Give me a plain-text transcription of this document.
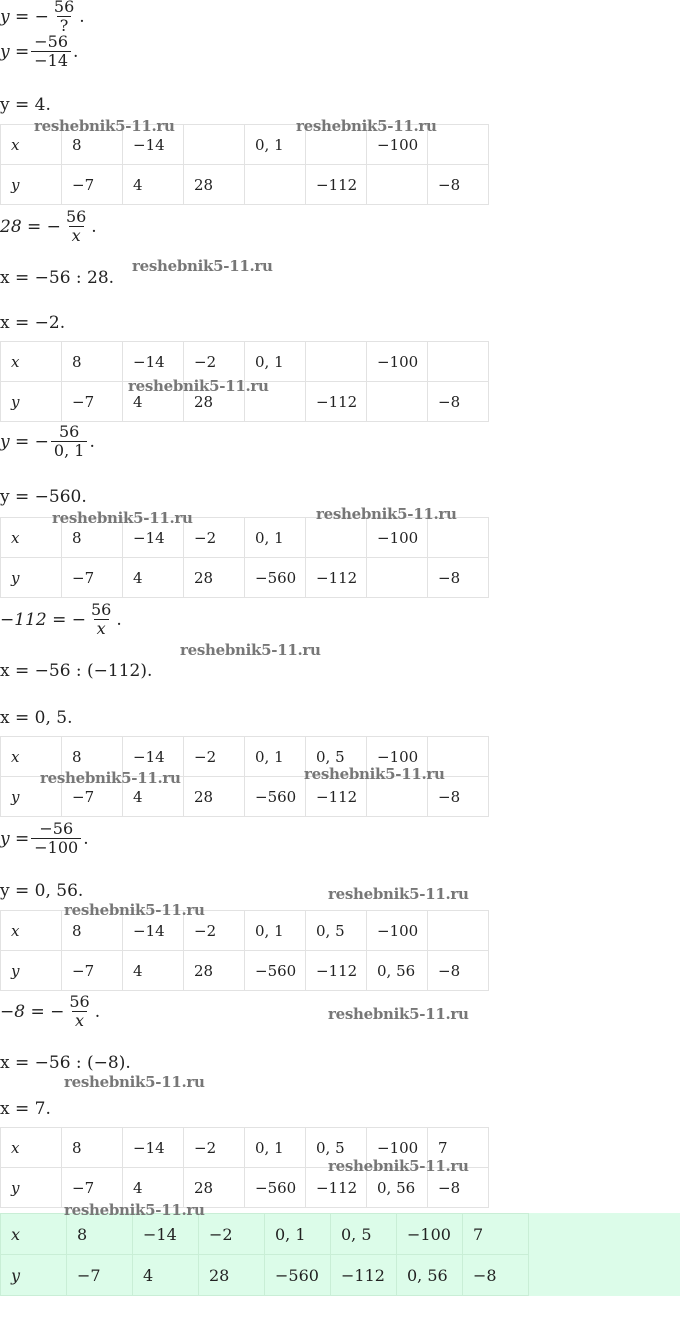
y = − $\frac{56}{?}$ .
$y = \frac{-56}{-14}$ .
y = 4.
x	8	−14		0, 1		−100	
y	−7	4	28		−112		−8
28 = − $\frac{56}{x}$ .
x = −56 : 28.
x = −2.
x	8	−14	−2	0, 1		−100	
y	−7	4	28		−112		−8
y = − $\frac{56}{0, 1}$ .
y = −560.
x	8	−14	−2	0, 1		−100	
y	−7	4	28	−560	−112		−8
−112 = − $\frac{56}{x}$ .
x = −56 : (−112).
x = 0, 5.
x	8	−14	−2	0, 1	0, 5	−100	
y	−7	4	28	−560	−112		−8
$y = \frac{-56}{-100}$ .
y = 0, 56.
x	8	−14	−2	0, 1	0, 5	−100	
y	−7	4	28	−560	−112	0, 56	−8
−8 = − $\frac{56}{x}$ .
x = −56 : (−8).
x = 7.
x	8	−14	−2	0, 1	0, 5	−100	7
y	−7	4	28	−560	−112	0, 56	−8
x	8	−14	−2	0, 1	0, 5	−100	7	
y	−7	4	28	−560	−112	0, 56	−8	
reshebnik5-11.ru	reshebnik5-11.ru
reshebnik5-11.ru
reshebnik5-11.ru
reshebnik5-11.ru	reshebnik5-11.ru
reshebnik5-11.ru
reshebnik5-11.ru	reshebnik5-11.ru
reshebnik5-11.ru
reshebnik5-11.ru
reshebnik5-11.ru
reshebnik5-11.ru
reshebnik5-11.ru
reshebnik5-11.ru
